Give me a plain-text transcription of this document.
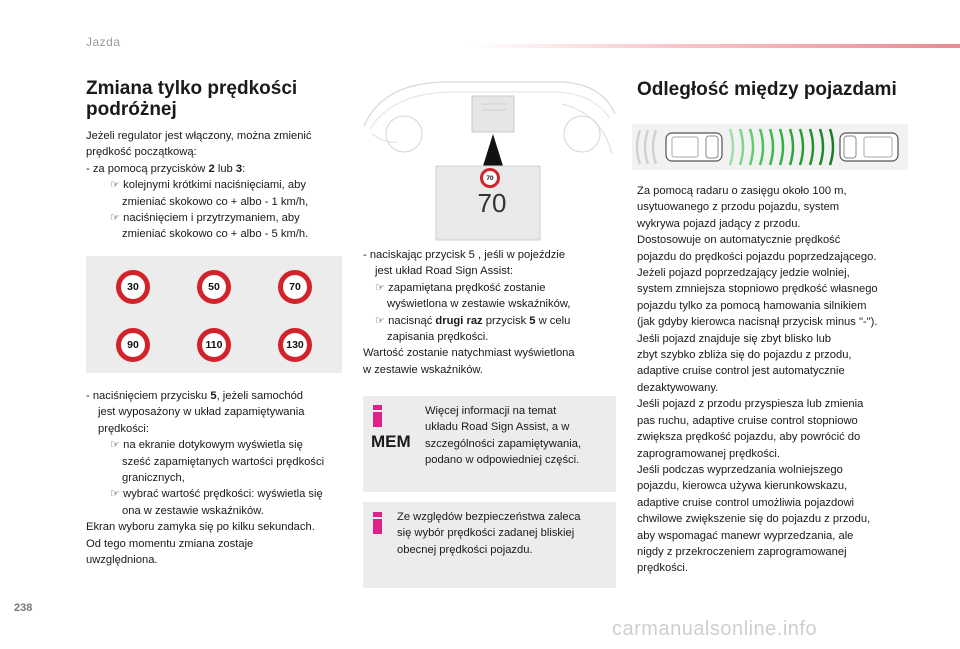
Jazda
Zmiana tylko prędkości
podróżnej

Jeżeli regulator jest włączony, można zmienić

prędkość początkową:

- za pomocą przycisków 2 lub 3:

☞ kolejnymi krótkimi naciśnięciami, aby

zmieniać skokowo co + albo - 1 km/h,

☞ naciśnięciem i przytrzymaniem, aby

zmieniać skokowo co + albo - 5 km/h.

30	50	70
90	110	130

- naciśnięciem przycisku 5, jeżeli samochód

jest wyposażony w układ zapamiętywania

prędkości:

☞ na ekranie dotykowym wyświetla się

sześć zapamiętanych wartości prędkości

granicznych,

☞ wybrać wartość prędkości: wyświetla się

ona w zestawie wskaźników.

Ekran wyboru zamyka się po kilku sekundach.

Od tego momentu zmiana zostaje

uwzględniona.

70
70

- naciskając przycisk 5 , jeśli w pojeździe

jest układ Road Sign Assist:

☞ zapamiętana prędkość zostanie

wyświetlona w zestawie wskaźników,

☞ nacisnąć drugi raz przycisk 5 w celu

zapisania prędkości.

Wartość zostanie natychmiast wyświetlona

w zestawie wskaźników.

MEM

Więcej informacji na temat

układu Road Sign Assist, a w

szczególności zapamiętywania,

podano w odpowiedniej części.

Ze względów bezpieczeństwa zaleca

się wybór prędkości zadanej bliskiej

obecnej prędkości pojazdu.

Odległość między pojazdami

Za pomocą radaru o zasięgu około 100 m,

usytuowanego z przodu pojazdu, system

wykrywa pojazd jadący z przodu.

Dostosowuje on automatycznie prędkość

pojazdu do prędkości pojazdu poprzedzającego.

Jeżeli pojazd poprzedzający jedzie wolniej,

system zmniejsza stopniowo prędkość własnego

pojazdu tylko za pomocą hamowania silnikiem

(jak gdyby kierowca nacisnął przycisk minus "-").

Jeśli pojazd znajduje się zbyt blisko lub

zbyt szybko zbliża się do pojazdu z przodu,

adaptive cruise control jest automatycznie

dezaktywowany.

Jeśli pojazd z przodu przyspiesza lub zmienia

pas ruchu, adaptive cruise control stopniowo

zwiększa prędkość pojazdu, aby powrócić do

zaprogramowanej prędkości.

Jeśli podczas wyprzedzania wolniejszego

pojazdu, kierowca używa kierunkowskazu,

adaptive cruise control umożliwia pojazdowi

chwilowe zwiększenie się do pojazdu z przodu,

aby wspomagać manewr wyprzedzania, ale

nigdy z przekroczeniem zaprogramowanej

prędkości.

238
carmanualsonline.info
